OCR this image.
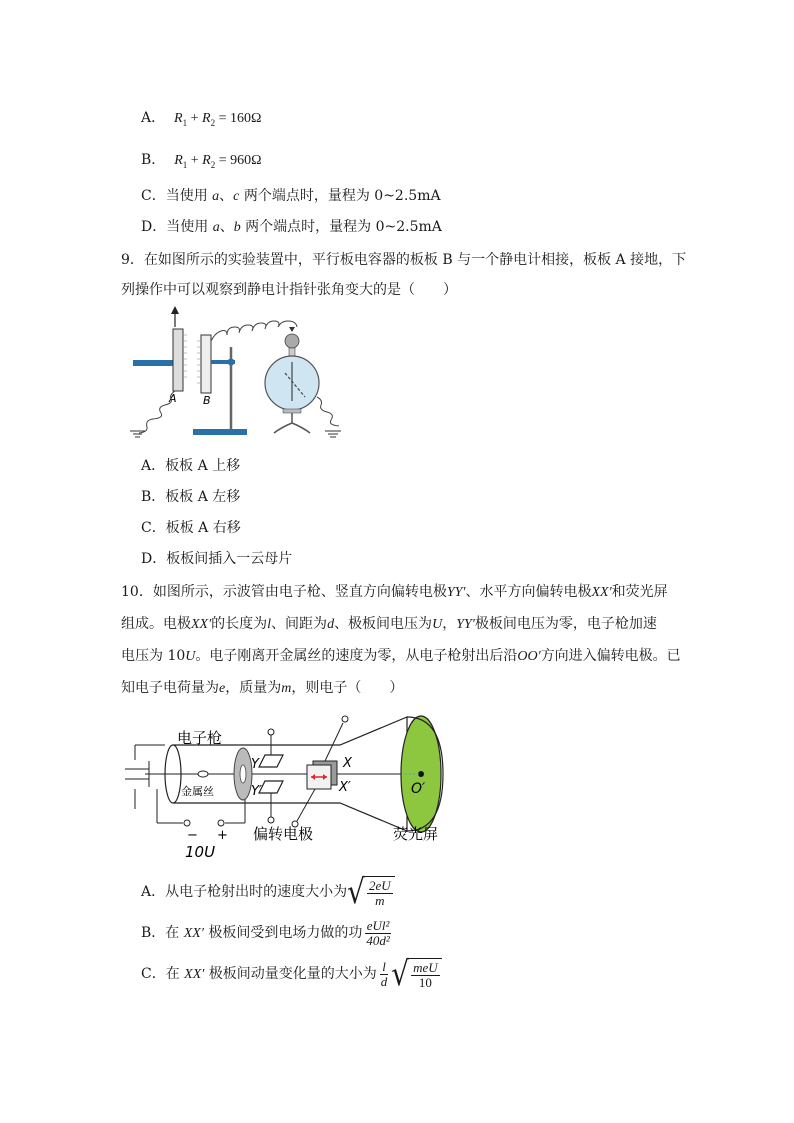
A． $R_1 + R_2 = 160\Omega$
B． $R_1 + R_2 = 960\Omega$
C．当使用 a、c 两个端点时，量程为 0~2.5mA
D．当使用 a、b 两个端点时，量程为 0~2.5mA
9．在如图所示的实验装置中，平行板电容器的板板 B 与一个静电计相接，板板 A 接地，下
列操作中可以观察到静电计指针张角变大的是（　　）
A B
A．板板 A 上移
B．板板 A 左移
C．板板 A 右移
D．板板间插入一云母片
10．如图所示，示波管由电子枪、竖直方向偏转电极YY′、水平方向偏转电极XX′和荧光屏
组成。电极XX′的长度为l、间距为d、极板间电压为U，YY′极板间电压为零，电子枪加速
电压为 10U。电子刚离开金属丝的速度为零，从电子枪射出后沿OO′方向进入偏转电极。已
知电子电荷量为e，质量为m，则电子（　　）
电子枪
金属丝
Y
Y′
X
X′	O′
− +
10U
偏转电极	荧光屏
A．从电子枪射出时的速度大小为 √ $\frac{2eU}{m}$
B．在 XX′ 极板间受到电场力做的功 $\frac{\text{eUl²}}{\text{40d²}}$
C．在 XX′ 极板间动量变化量的大小为 $\frac{l}{d}$ √ $\frac{\text{meU}}{10}$
